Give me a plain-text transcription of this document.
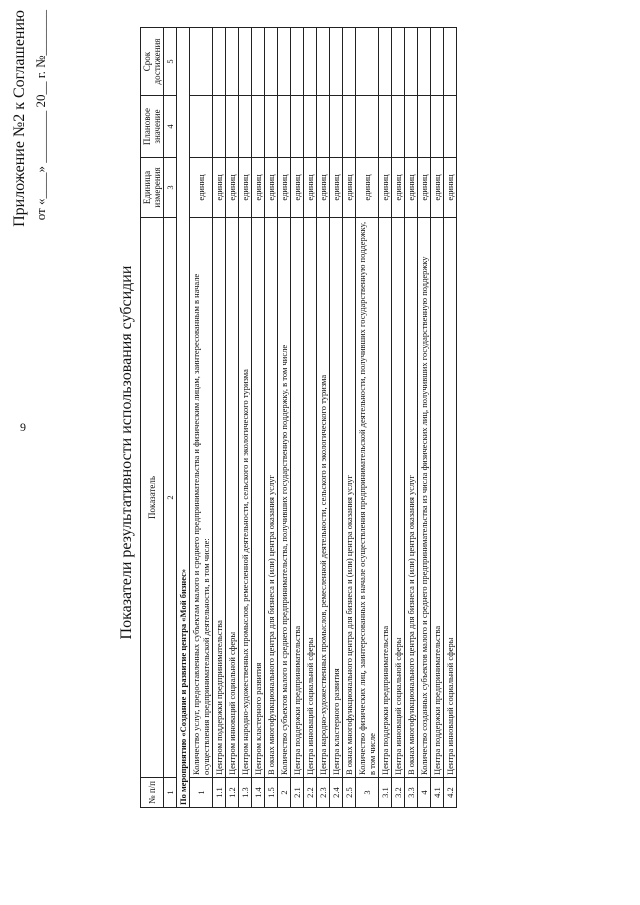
9
Приложение №2 к Соглашению от «____» ________ 20__ г. №_______
Показатели результативности использования субсидии
№ п/п	Показатель	Единица измерения	Плановое значение	Срок достижения
1	2	3	4	5
По мероприятию «Создание и развитие центра «Мой бизнес»				
1	Количество услуг, предоставленных субъектам малого и среднего предпринимательства и физическим лицам, заинтересованным в начале осуществления предпринимательской деятельности, в том числе:	единиц		
1.1	Центром поддержки предпринимательства	единиц		
1.2	Центром инноваций социальной сферы	единиц		
1.3	Центром народно-художественных промыслов, ремесленной деятельности, сельского и экологического туризма	единиц		
1.4	Центром кластерного развития	единиц		
1.5	В окнах многофункционального центра для бизнеса и (или) центра оказания услуг	единиц		
2	Количество субъектов малого и среднего предпринимательства, получивших государственную поддержку, в том числе	единиц		
2.1	Центра поддержки предпринимательства	единиц		
2.2	Центра инноваций социальной сферы	единиц		
2.3	Центра народно-художественных промыслов, ремесленной деятельности, сельского и экологического туризма	единиц		
2.4	Центра кластерного развития	единиц		
2.5	В окнах многофункционального центра для бизнеса и (или) центра оказания услуг	единиц		
3	Количество физических лиц, заинтересованных в начале осуществления предпринимательской деятельности, получивших государственную поддержку, в том числе	единиц		
3.1	Центра поддержки предпринимательства	единиц		
3.2	Центра инноваций социальной сферы	единиц		
3.3	В окнах многофункционального центра для бизнеса и (или) центра оказания услуг	единиц		
4	Количество созданных субъектов малого и среднего предпринимательства из числа физических лиц, получивших государственную поддержку	единиц		
4.1	Центра поддержки предпринимательства	единиц		
4.2	Центра инноваций социальной сферы	единиц		
